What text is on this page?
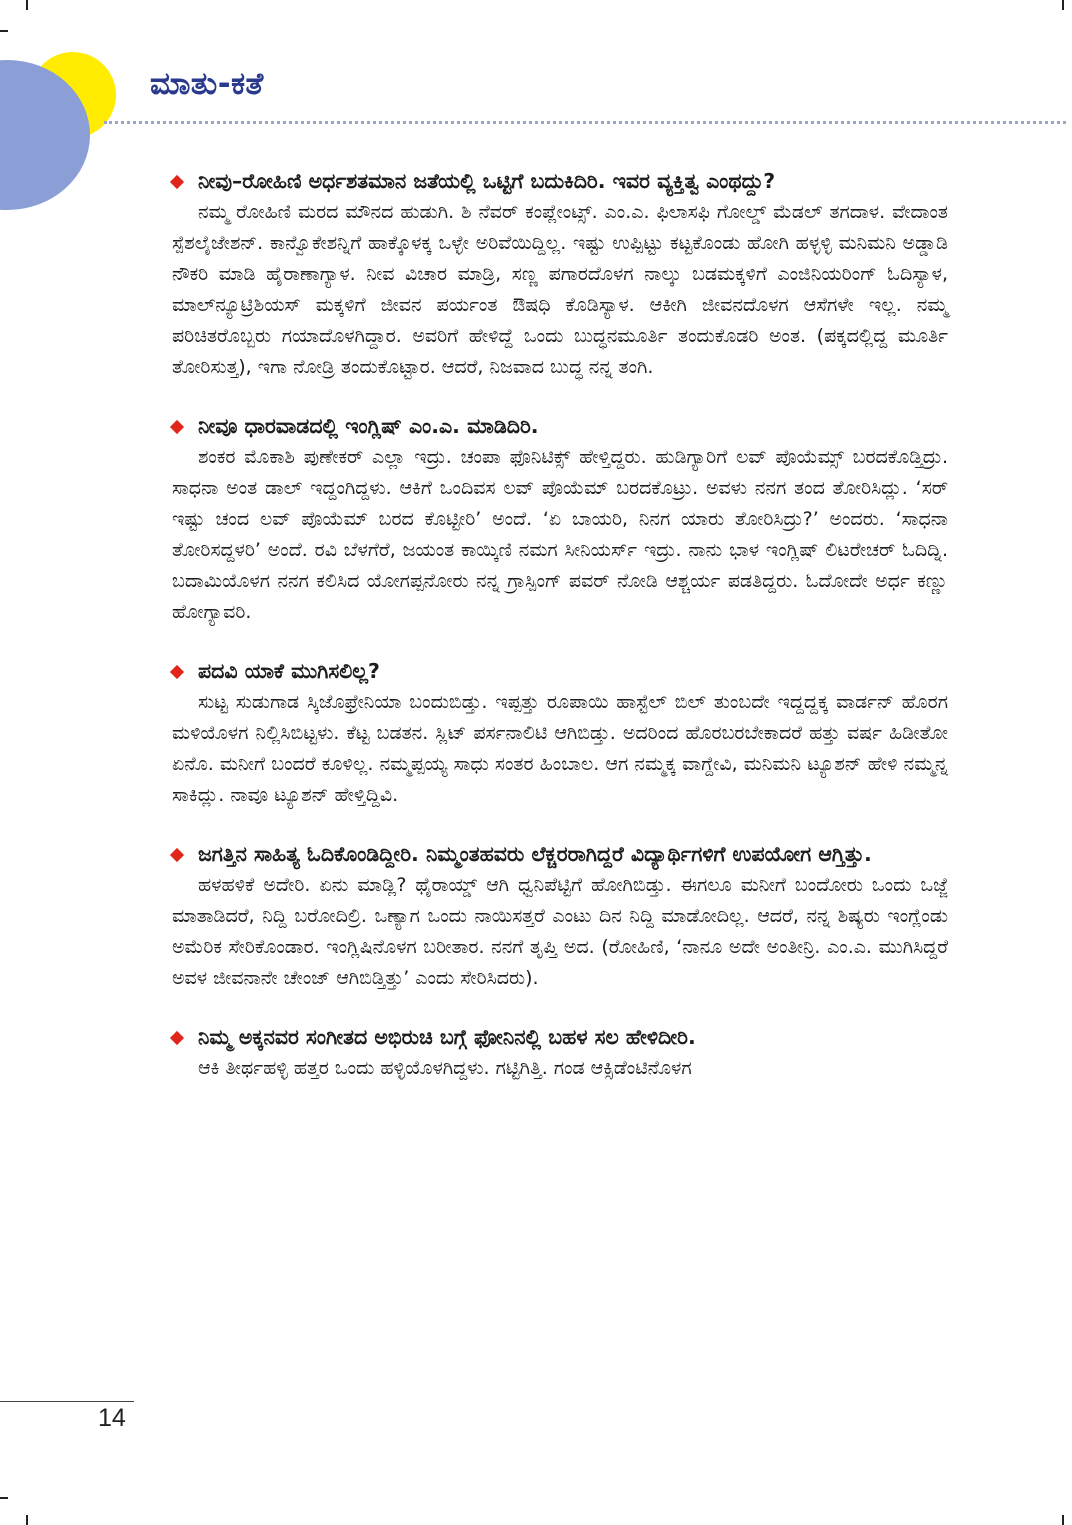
ಮಾತು-ಕತೆ
ನೀವು–ರೋಹಿಣಿ ಅರ್ಧಶತಮಾನ ಜತೆಯಲ್ಲಿ ಒಟ್ಟಿಗೆ ಬದುಕಿದಿರಿ. ಇವರ ವ್ಯಕ್ತಿತ್ವ ಎಂಥದ್ದು?

ನಮ್ಮ ರೋಹಿಣಿ ಮರದ ಮೌನದ ಹುಡುಗಿ. ಶಿ ನೆವರ್ ಕಂಪ್ಲೇಂಟ್ಸ್. ಎಂ.ಎ. ಫಿಲಾಸಫಿ ಗೋಲ್ಡ್ ಮೆಡಲ್ ತಗದಾಳ. ವೇದಾಂತ ಸ್ಪೆಶಲೈಜೇಶನ್. ಕಾನ್ವೊಕೇಶನ್ನಿಗೆ ಹಾಕ್ಕೊಳಕ್ಕ ಒಳ್ಳೇ ಅರಿವೆಯಿದ್ದಿಲ್ಲ. ಇಷ್ಟು ಉಪ್ಪಿಟ್ಟು ಕಟ್ಟಕೊಂಡು ಹೋಗಿ ಹಳ್ಳಳ್ಳಿ ಮನಿಮನಿ ಅಡ್ಡಾಡಿ ನೌಕರಿ ಮಾಡಿ ಹೈರಾಣಾಗ್ಯಾಳ. ನೀವ ವಿಚಾರ ಮಾಡ್ರಿ, ಸಣ್ಣ ಪಗಾರದೊಳಗ ನಾಲ್ಕು ಬಡಮಕ್ಕಳಿಗೆ ಎಂಜಿನಿಯರಿಂಗ್ ಓದಿಸ್ಯಾಳ, ಮಾಲ್‌ನ್ಯೂಟ್ರಿಶಿಯಸ್ ಮಕ್ಕಳಿಗೆ ಜೀವನ ಪರ್ಯಂತ ಔಷಧಿ ಕೊಡಿಸ್ಯಾಳ. ಆಕೀಗಿ ಜೀವನದೊಳಗ ಆಸೆಗಳೇ ಇಲ್ಲ. ನಮ್ಮ ಪರಿಚಿತರೊಬ್ಬರು ಗಯಾದೊಳಗಿದ್ದಾರ. ಅವರಿಗೆ ಹೇಳಿದ್ದೆ ಒಂದು ಬುದ್ಧನಮೂರ್ತಿ ತಂದುಕೊಡರಿ ಅಂತ. (ಪಕ್ಕದಲ್ಲಿದ್ದ ಮೂರ್ತಿ ತೋರಿಸುತ್ತ), ಇಗಾ ನೋಡ್ರಿ ತಂದುಕೊಟ್ಟಾರ. ಆದರೆ, ನಿಜವಾದ ಬುದ್ಧ ನನ್ನ ತಂಗಿ.

ನೀವೂ ಧಾರವಾಡದಲ್ಲಿ ಇಂಗ್ಲಿಷ್ ಎಂ.ಎ. ಮಾಡಿದಿರಿ.

ಶಂಕರ ಮೊಕಾಶಿ ಪುಣೇಕರ್ ಎಲ್ಲಾ ಇದ್ರು. ಚಂಪಾ ಫೊನಿಟಿಕ್ಸ್ ಹೇಳ್ತಿದ್ದರು. ಹುಡಿಗ್ಯಾರಿಗೆ ಲವ್ ಪೊಯೆಮ್ಸ್ ಬರದಕೊಡ್ತಿದ್ರು. ಸಾಧನಾ ಅಂತ ಡಾಲ್ ಇದ್ದಂಗಿದ್ದಳು. ಆಕಿಗೆ ಒಂದಿವಸ ಲವ್ ಪೊಯೆಮ್ ಬರದಕೊಟ್ರು. ಅವಳು ನನಗ ತಂದ ತೋರಿಸಿದ್ಲು. ‘ಸರ್ ಇಷ್ಟು ಚಂದ ಲವ್ ಪೊಯೆಮ್ ಬರದ ಕೊಟ್ಟೀರಿ’ ಅಂದೆ. ‘ಏ ಬಾಯರಿ, ನಿನಗ ಯಾರು ತೋರಿಸಿದ್ರು?’ ಅಂದರು. ‘ಸಾಧನಾ ತೋರಿಸದ್ದಳರಿ’ ಅಂದೆ. ರವಿ ಬೆಳಗೆರೆ, ಜಯಂತ ಕಾಯ್ಕಿಣಿ ನಮಗ ಸೀನಿಯರ್ಸ್ ಇದ್ರು. ನಾನು ಭಾಳ ಇಂಗ್ಲಿಷ್ ಲಿಟರೇಚರ್ ಓದಿದ್ನಿ. ಬದಾಮಿಯೊಳಗ ನನಗ ಕಲಿಸಿದ ಯೋಗಪ್ಪನೋರು ನನ್ನ ಗ್ರಾಸ್ಪಿಂಗ್ ಪವರ್ ನೋಡಿ ಆಶ್ಚರ್ಯ ಪಡತಿದ್ದರು. ಓದೋದೇ ಅರ್ಧ ಕಣ್ಣು ಹೋಗ್ಯಾವರಿ.

ಪದವಿ ಯಾಕೆ ಮುಗಿಸಲಿಲ್ಲ?

ಸುಟ್ಟ ಸುಡುಗಾಡ ಸ್ಕಿಜೊಫ್ರೇನಿಯಾ ಬಂದುಬಿಡ್ತು. ಇಪ್ಪತ್ತು ರೂಪಾಯಿ ಹಾಸ್ಟೆಲ್ ಬಿಲ್ ತುಂಬದೇ ಇದ್ದದ್ದಕ್ಕ ವಾರ್ಡನ್ ಹೊರಗ ಮಳಿಯೊಳಗ ನಿಲ್ಲಿಸಿಬಿಟ್ಟಳು. ಕೆಟ್ಟ ಬಡತನ. ಸ್ಲಿಟ್ ಪರ್ಸನಾಲಿಟಿ ಆಗಿಬಿಡ್ತು. ಅದರಿಂದ ಹೊರಬರಬೇಕಾದರೆ ಹತ್ತು ವರ್ಷ ಹಿಡೀತೋ ಏನೊ. ಮನೀಗೆ ಬಂದರೆ ಕೂಳಿಲ್ಲ. ನಮ್ಮಪ್ಪಯ್ಯ ಸಾಧು ಸಂತರ ಹಿಂಬಾಲ. ಆಗ ನಮ್ಮಕ್ಕ ವಾಗ್ದೇವಿ, ಮನಿಮನಿ ಟ್ಯೂಶನ್ ಹೇಳಿ ನಮ್ಮನ್ನ ಸಾಕಿದ್ಲು. ನಾವೂ ಟ್ಯೂಶನ್ ಹೇಳ್ತಿದ್ದಿವಿ.

ಜಗತ್ತಿನ ಸಾಹಿತ್ಯ ಓದಿಕೊಂಡಿದ್ದೀರಿ. ನಿಮ್ಮಂತಹವರು ಲೆಕ್ಚರರಾಗಿದ್ದರೆ ವಿದ್ಯಾರ್ಥಿಗಳಿಗೆ ಉಪಯೋಗ ಆಗ್ತಿತ್ತು.

ಹಳಹಳಿಕೆ ಅದೇರಿ. ಏನು ಮಾಡ್ಲಿ? ಥೈರಾಯ್ಡ್ ಆಗಿ ಧ್ವನಿಪೆಟ್ಟಿಗೆ ಹೋಗಿಬಿಡ್ತು. ಈಗಲೂ ಮನೀಗೆ ಬಂದೋರು ಒಂದು ಒಜ್ಜೆ ಮಾತಾಡಿದರೆ, ನಿದ್ದಿ ಬರೋದಿಲ್ರಿ. ಒಣ್ಯಾಗ ಒಂದು ನಾಯಿಸತ್ತರೆ ಎಂಟು ದಿನ ನಿದ್ದಿ ಮಾಡೋದಿಲ್ಲ. ಆದರೆ, ನನ್ನ ಶಿಷ್ಯರು ಇಂಗ್ಲೆಂಡು ಅಮೆರಿಕ ಸೇರಿಕೊಂಡಾರ. ಇಂಗ್ಲಿಷಿನೊಳಗ ಬರೀತಾರ. ನನಗೆ ತೃಪ್ತಿ ಅದ. (ರೋಹಿಣಿ, ‘ನಾನೂ ಅದೇ ಅಂತೀನ್ರಿ. ಎಂ.ಎ. ಮುಗಿಸಿದ್ದರೆ ಅವಳ ಜೀವನಾನೇ ಚೇಂಜ್ ಆಗಿಬಿಡ್ತಿತ್ತು’ ಎಂದು ಸೇರಿಸಿದರು).

ನಿಮ್ಮ ಅಕ್ಕನವರ ಸಂಗೀತದ ಅಭಿರುಚಿ ಬಗ್ಗೆ ಫೋನಿನಲ್ಲಿ ಬಹಳ ಸಲ ಹೇಳಿದೀರಿ.

ಆಕಿ ತೀರ್ಥಹಳ್ಳಿ ಹತ್ತರ ಒಂದು ಹಳ್ಳಿಯೊಳಗಿದ್ದಳು. ಗಟ್ಟಿಗಿತ್ತಿ. ಗಂಡ ಆಕ್ಸಿಡೆಂಟಿನೊಳಗ

14
